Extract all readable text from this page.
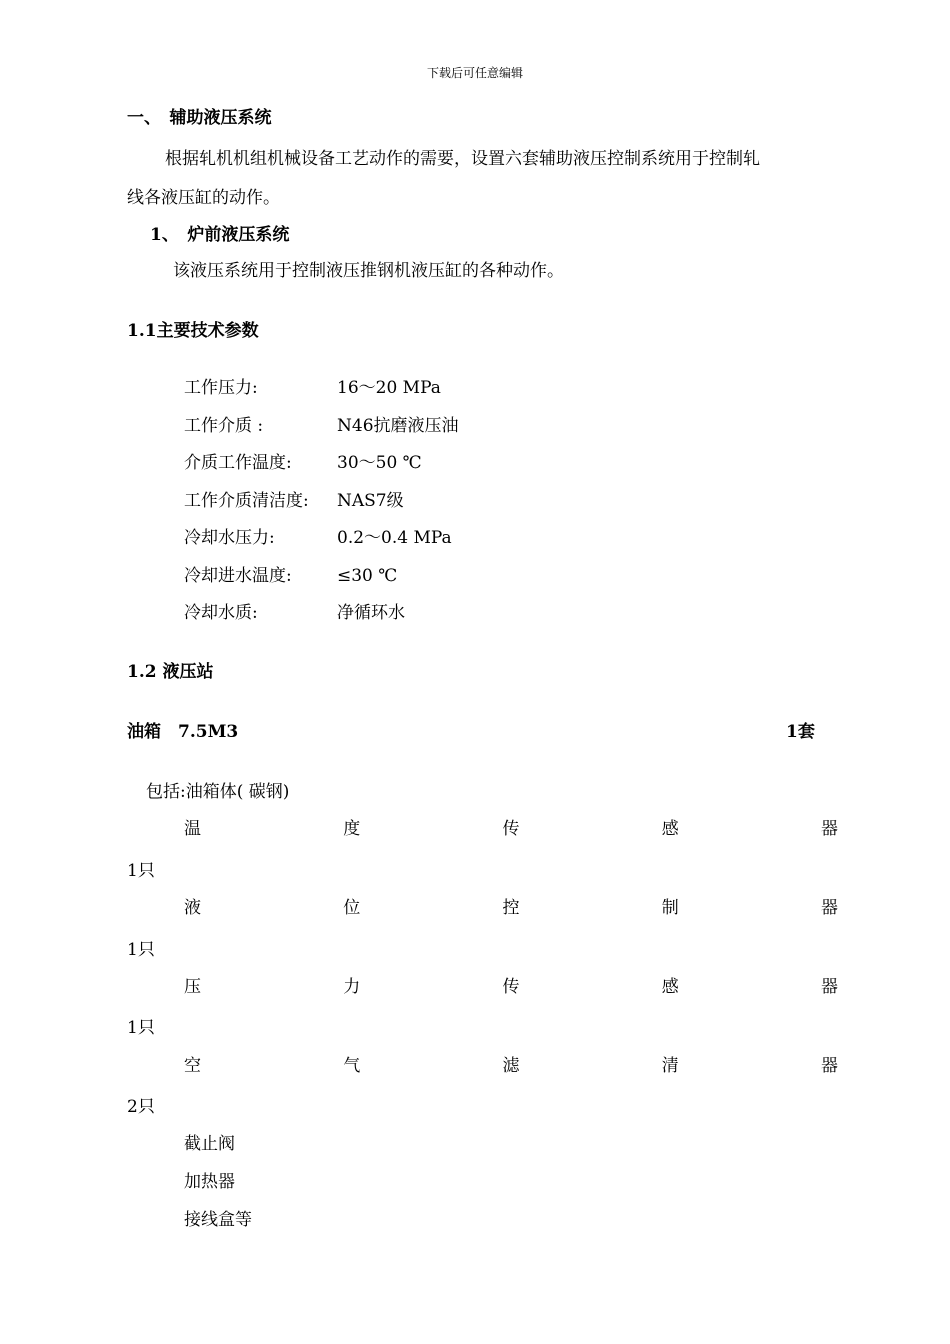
下载后可任意编辑
一、　辅助液压系统
根据轧机机组机械设备工艺动作的需要，设置六套辅助液压控制系统用于控制轧
线各液压缸的动作。
1、　炉前液压系统
该液压系统用于控制液压推钢机液压缸的各种动作。
1.1主要技术参数
工作压力:	16～20 MPa
工作介质 :	N46抗磨液压油
介质工作温度:	30～50 ℃
工作介质清洁度: NAS7级
冷却水压力:	0.2～0.4 MPa
冷却进水温度:	≤30 ℃
冷却水质:	净循环水
1.2 液压站
油箱　7.5M3	1套
包括:油箱体( 碳钢)
温	度	传	感	器
1只
液	位	控	制	器
1只
压	力	传	感	器
1只
空	气	滤	清	器
2只
截止阀
加热器
接线盒等
